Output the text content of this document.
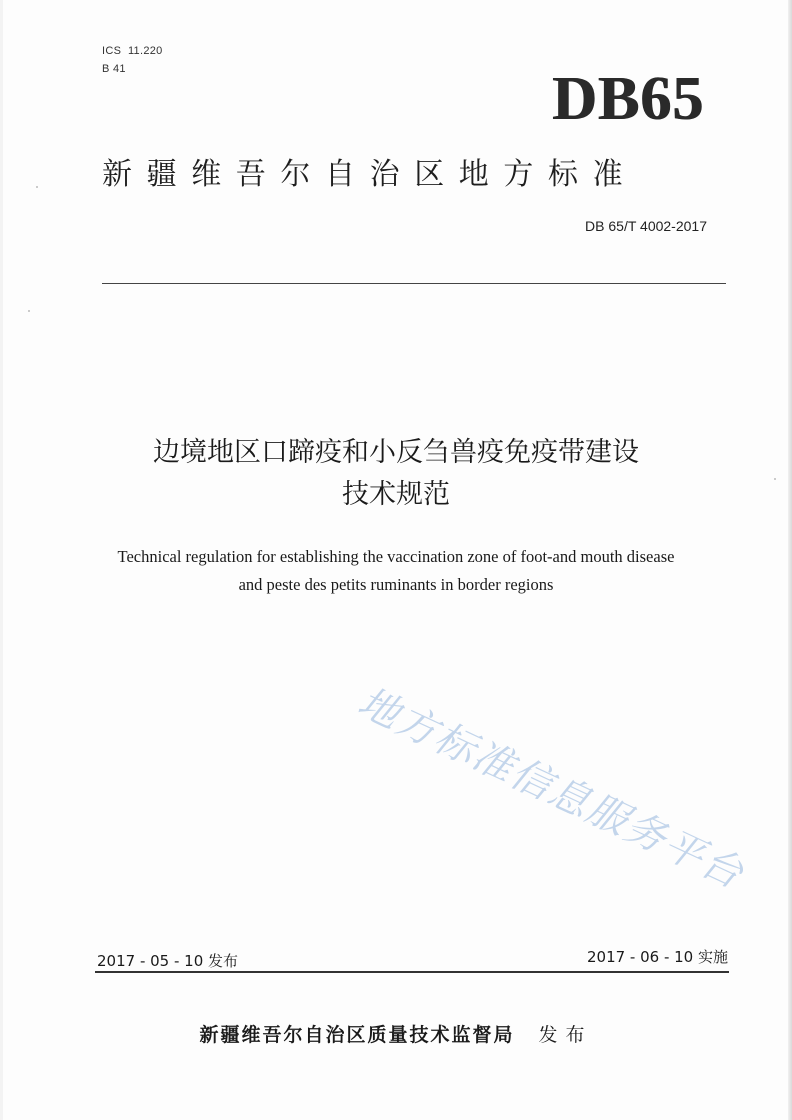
ICS  11.220
B 41	DB65
新疆维吾尔自治区地方标准
DB 65/T 4002-2017
边境地区口蹄疫和小反刍兽疫免疫带建设
技术规范
Technical regulation for establishing the vaccination zone of foot-and mouth disease
and peste des petits ruminants in border regions
地方标准信息服务平台
2017 - 05 - 10 发布	2017 - 06 - 10 实施
新疆维吾尔自治区质量技术监督局 发布
